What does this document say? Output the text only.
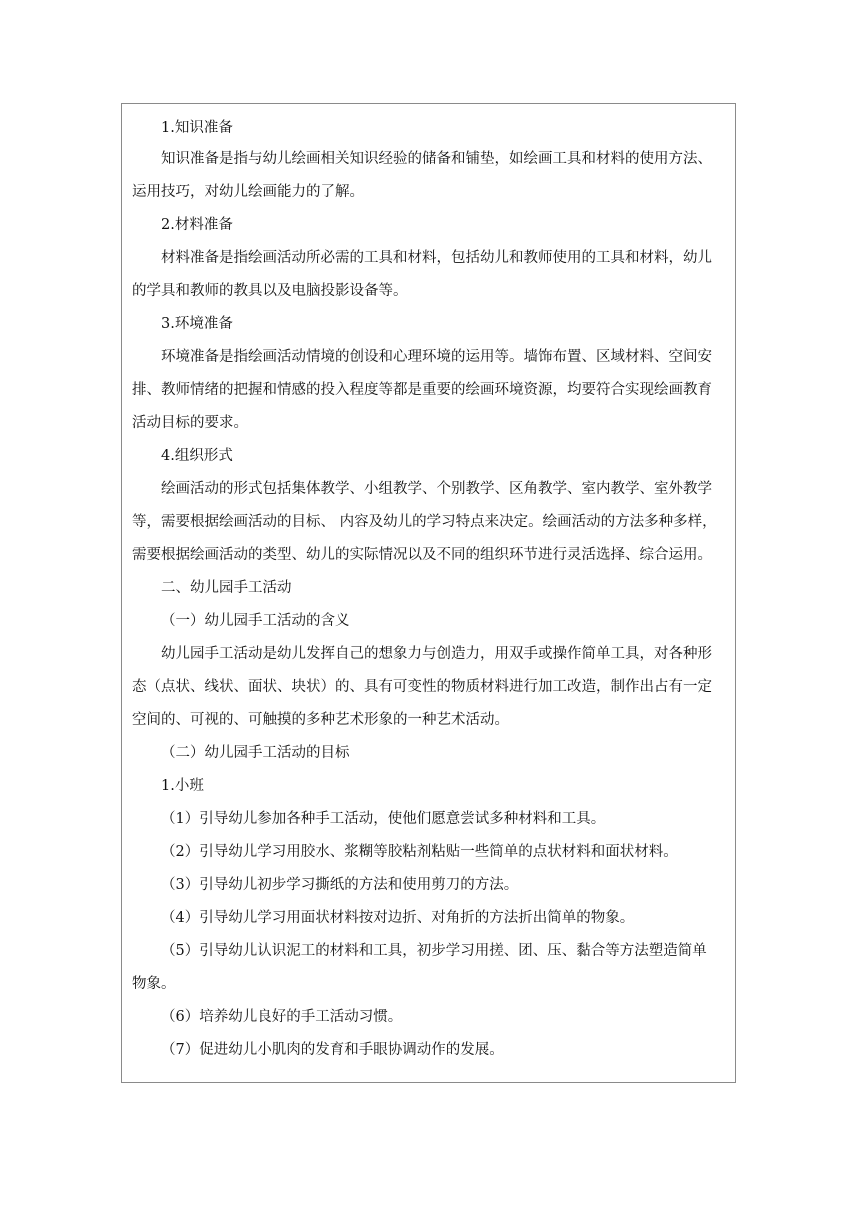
1.知识准备
知识准备是指与幼儿绘画相关知识经验的储备和铺垫，如绘画工具和材料的使用方法、
运用技巧，对幼儿绘画能力的了解。
2.材料准备
材料准备是指绘画活动所必需的工具和材料，包括幼儿和教师使用的工具和材料，幼儿
的学具和教师的教具以及电脑投影设备等。
3.环境准备
环境准备是指绘画活动情境的创设和心理环境的运用等。墙饰布置、区域材料、空间安
排、教师情绪的把握和情感的投入程度等都是重要的绘画环境资源，均要符合实现绘画教育
活动目标的要求。
4.组织形式
绘画活动的形式包括集体教学、小组教学、个别教学、区角教学、室内教学、室外教学
等，需要根据绘画活动的目标、 内容及幼儿的学习特点来决定。绘画活动的方法多种多样，
需要根据绘画活动的类型、幼儿的实际情况以及不同的组织环节进行灵活选择、综合运用。
二、幼儿园手工活动
（一）幼儿园手工活动的含义
幼儿园手工活动是幼儿发挥自己的想象力与创造力，用双手或操作简单工具，对各种形
态（点状、线状、面状、块状）的、具有可变性的物质材料进行加工改造，制作出占有一定
空间的、可视的、可触摸的多种艺术形象的一种艺术活动。
（二）幼儿园手工活动的目标
1.小班
（1）引导幼儿参加各种手工活动，使他们愿意尝试多种材料和工具。
（2）引导幼儿学习用胶水、浆糊等胶粘剂粘贴一些简单的点状材料和面状材料。
（3）引导幼儿初步学习撕纸的方法和使用剪刀的方法。
（4）引导幼儿学习用面状材料按对边折、对角折的方法折出简单的物象。
（5）引导幼儿认识泥工的材料和工具，初步学习用搓、团、压、黏合等方法塑造简单
物象。
（6）培养幼儿良好的手工活动习惯。
（7）促进幼儿小肌肉的发育和手眼协调动作的发展。
